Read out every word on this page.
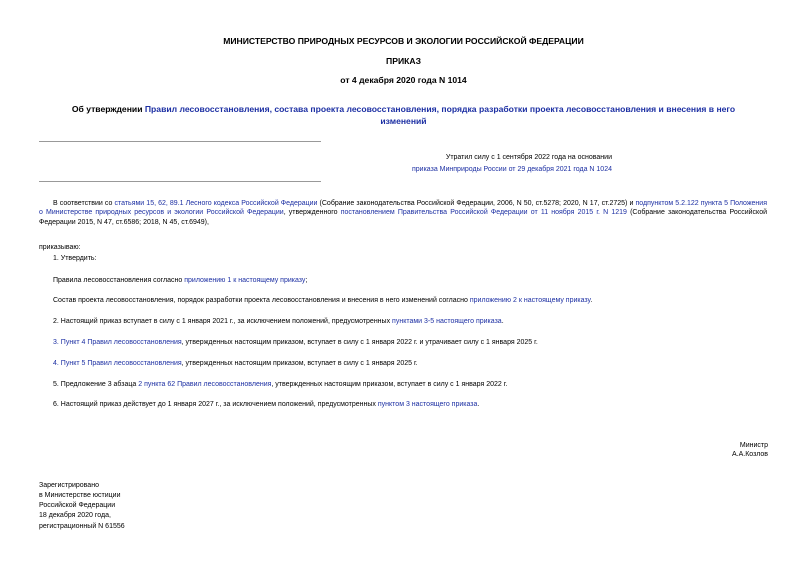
МИНИСТЕРСТВО ПРИРОДНЫХ РЕСУРСОВ И ЭКОЛОГИИ РОССИЙСКОЙ ФЕДЕРАЦИИ
ПРИКАЗ
от 4 декабря 2020 года N 1014
Об утверждении Правил лесовосстановления, состава проекта лесовосстановления, порядка разработки проекта лесовосстановления и внесения в него изменений
Утратил силу с 1 сентября 2022 года на основании
приказа Минприроды России от 29 декабря 2021 года N 1024

В соответствии со статьями 15, 62, 89.1 Лесного кодекса Российской Федерации (Собрание законодательства Российской Федерации, 2006, N 50, ст.5278; 2020, N 17, ст.2725) и подпунктом 5.2.122 пункта 5 Положения о Министерстве природных ресурсов и экологии Российской Федерации, утвержденного постановлением Правительства Российской Федерации от 11 ноября 2015 г. N 1219 (Собрание законодательства Российской Федерации 2015, N 47, ст.6586; 2018, N 45, ст.6949),

приказываю:

1. Утвердить:

Правила лесовосстановления согласно приложению 1 к настоящему приказу;

Состав проекта лесовосстановления, порядок разработки проекта лесовосстановления и внесения в него изменений согласно приложению 2 к настоящему приказу.

2. Настоящий приказ вступает в силу с 1 января 2021 г., за исключением положений, предусмотренных пунктами 3-5 настоящего приказа.

3. Пункт 4 Правил лесовосстановления, утвержденных настоящим приказом, вступает в силу с 1 января 2022 г. и утрачивает силу с 1 января 2025 г.

4. Пункт 5 Правил лесовосстановления, утвержденных настоящим приказом, вступает в силу с 1 января 2025 г.

5. Предложение 3 абзаца 2 пункта 62 Правил лесовосстановления, утвержденных настоящим приказом, вступает в силу с 1 января 2022 г.

6. Настоящий приказ действует до 1 января 2027 г., за исключением положений, предусмотренных пунктом 3 настоящего приказа.

Министр
А.А.Козлов
Зарегистрировано
в Министерстве юстиции
Российской Федерации
18 декабря 2020 года,
регистрационный N 61556
